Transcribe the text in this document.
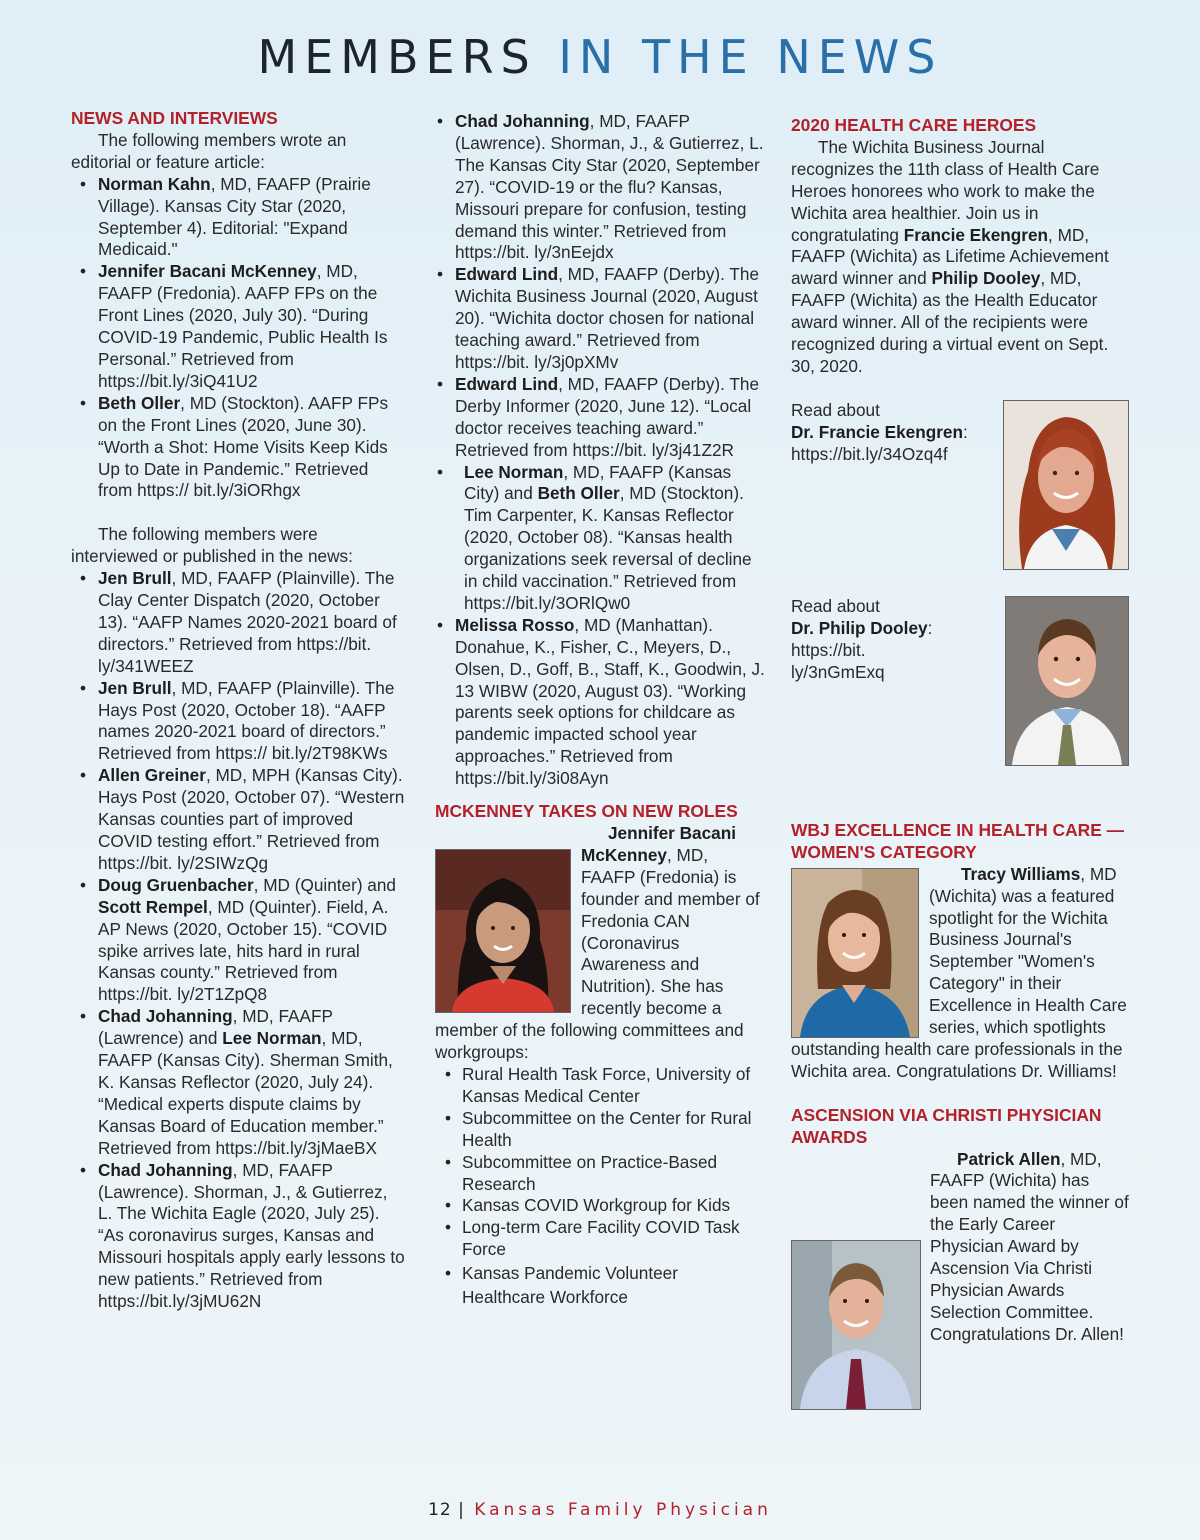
MEMBERS IN THE NEWS
NEWS AND INTERVIEWS

The following members wrote an editorial or feature article:

• Norman Kahn, MD, FAAFP (Prairie Village). Kansas City Star (2020, September 4). Editorial: "Expand Medicaid."
• Jennifer Bacani McKenney, MD, FAAFP (Fredonia). AAFP FPs on the Front Lines (2020, July 30). “During COVID-19 Pandemic, Public Health Is Personal.” Retrieved from https://bit.ly/3iQ41U2
• Beth Oller, MD (Stockton). AAFP FPs on the Front Lines (2020, June 30). “Worth a Shot: Home Visits Keep Kids Up to Date in Pandemic.” Retrieved from https:// bit.ly/3iORhgx

The following members were interviewed or published in the news:

• Jen Brull, MD, FAAFP (Plainville). The Clay Center Dispatch (2020, October 13). “AAFP Names 2020-2021 board of directors.” Retrieved from https://bit. ly/341WEEZ
• Jen Brull, MD, FAAFP (Plainville). The Hays Post (2020, October 18). “AAFP names 2020-2021 board of directors.” Retrieved from https:// bit.ly/2T98KWs
• Allen Greiner, MD, MPH (Kansas City). Hays Post (2020, October 07). “Western Kansas counties part of improved COVID testing effort.” Retrieved from https://bit. ly/2SIWzQg
• Doug Gruenbacher, MD (Quinter) and Scott Rempel, MD (Quinter). Field, A. AP News (2020, October 15). “COVID spike arrives late, hits hard in rural Kansas county.” Retrieved from https://bit. ly/2T1ZpQ8
• Chad Johanning, MD, FAAFP (Lawrence) and Lee Norman, MD, FAAFP (Kansas City). Sherman Smith, K. Kansas Reflector (2020, July 24). “Medical experts dispute claims by Kansas Board of Education member.” Retrieved from https://bit.ly/3jMaeBX
• Chad Johanning, MD, FAAFP (Lawrence). Shorman, J., & Gutierrez, L. The Wichita Eagle (2020, July 25). “As coronavirus surges, Kansas and Missouri hospitals apply early lessons to new patients.” Retrieved from https://bit.ly/3jMU62N
• Chad Johanning, MD, FAAFP (Lawrence). Shorman, J., & Gutierrez, L. The Kansas City Star (2020, September 27). “COVID-19 or the flu? Kansas, Missouri prepare for confusion, testing demand this winter.” Retrieved from https://bit. ly/3nEejdx
• Edward Lind, MD, FAAFP (Derby). The Wichita Business Journal (2020, August 20). “Wichita doctor chosen for national teaching award.” Retrieved from https://bit. ly/3j0pXMv
• Edward Lind, MD, FAAFP (Derby). The Derby Informer (2020, June 12). “Local doctor receives teaching award.” Retrieved from https://bit. ly/3j41Z2R
• Lee Norman, MD, FAAFP (Kansas City) and Beth Oller, MD (Stockton). Tim Carpenter, K. Kansas Reflector (2020, October 08). “Kansas health organizations seek reversal of decline in child vaccination.” Retrieved from https://bit.ly/3ORlQw0
• Melissa Rosso, MD (Manhattan). Donahue, K., Fisher, C., Meyers, D., Olsen, D., Goff, B., Staff, K., Goodwin, J. 13 WIBW (2020, August 03). “Working parents seek options for childcare as pandemic impacted school year approaches.” Retrieved from https://bit.ly/3i08Ayn
MCKENNEY TAKES ON NEW ROLES

Jennifer Bacani McKenney, MD, FAAFP (Fredonia) is founder and member of Fredonia CAN (Coronavirus Awareness and Nutrition). She has recently become a member of the following committees and workgroups:

• Rural Health Task Force, University of Kansas Medical Center
• Subcommittee on the Center for Rural Health
• Subcommittee on Practice-Based Research
• Kansas COVID Workgroup for Kids
• Long-term Care Facility COVID Task Force
• Kansas Pandemic Volunteer Healthcare Workforce
2020 HEALTH CARE HEROES

The Wichita Business Journal recognizes the 11th class of Health Care Heroes honorees who work to make the Wichita area healthier. Join us in congratulating Francie Ekengren, MD, FAAFP (Wichita) as Lifetime Achievement award winner and Philip Dooley, MD, FAAFP (Wichita) as the Health Educator award winner. All of the recipients were recognized during a virtual event on Sept. 30, 2020.

Read about

Dr. Francie Ekengren:

https://bit.ly/34Ozq4f

Read about

Dr. Philip Dooley:

https://bit. ly/3nGmExq

WBJ EXCELLENCE IN HEALTH CARE — WOMEN'S CATEGORY

Tracy Williams, MD (Wichita) was a featured spotlight for the Wichita Business Journal's September "Women's Category" in their Excellence in Health Care series, which spotlights outstanding health care professionals in the Wichita area. Congratulations Dr. Williams!

ASCENSION VIA CHRISTI PHYSICIAN AWARDS

Patrick Allen, MD, FAAFP (Wichita) has been named the winner of the Early Career Physician Award by Ascension Via Christi Physician Awards Selection Committee. Congratulations Dr. Allen!

12 | Kansas Family Physician
